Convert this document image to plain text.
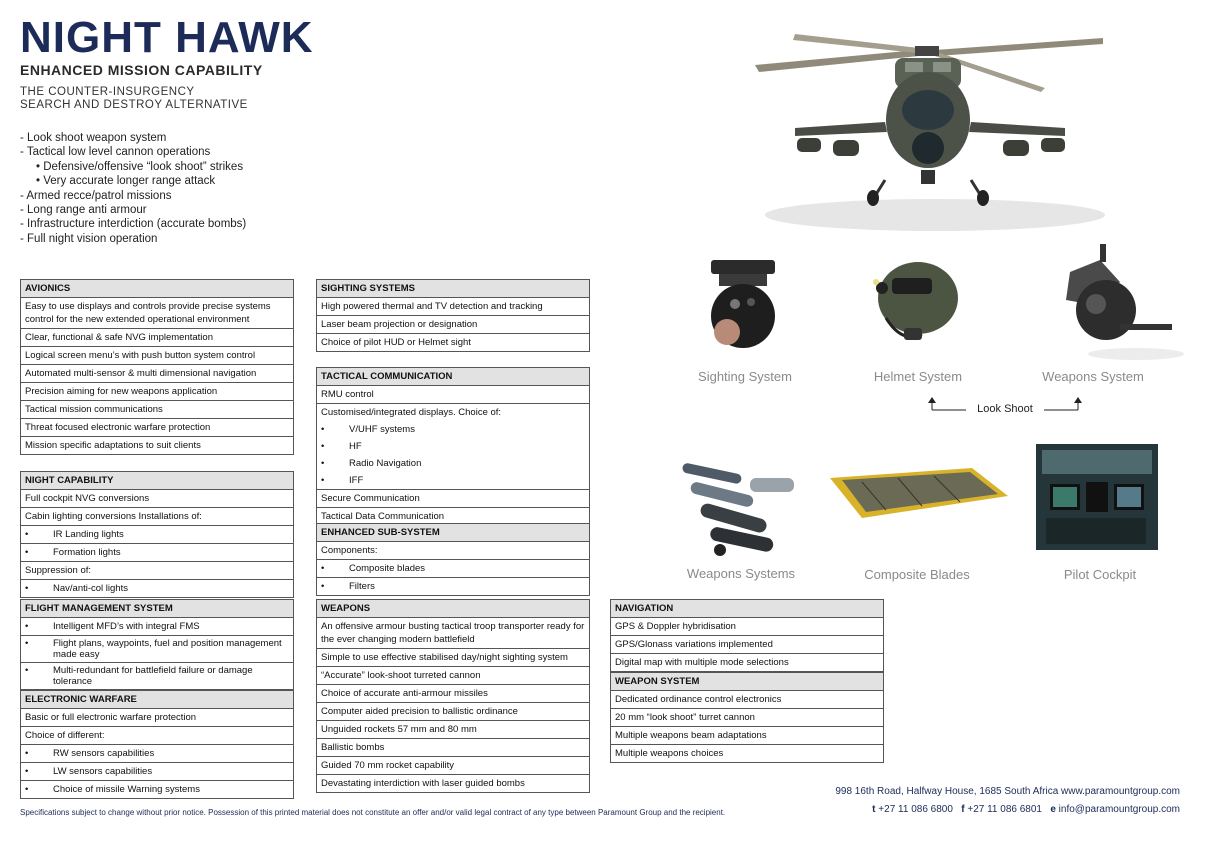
NIGHT HAWK
ENHANCED MISSION CAPABILITY
THE COUNTER-INSURGENCY
SEARCH AND DESTROY ALTERNATIVE
- Look shoot weapon system
- Tactical low level cannon operations
• Defensive/offensive “look shoot” strikes
• Very accurate longer range attack
- Armed recce/patrol missions
- Long range anti armour
- Infrastructure interdiction (accurate bombs)
- Full night vision operation
Sighting System	Helmet System	Weapons System
Look Shoot
Weapons Systems	Composite Blades	Pilot Cockpit
AVIONICS
Easy to use displays and controls provide precise systems control for the new extended operational environment
Clear, functional & safe NVG implementation
Logical screen menu’s with push button system control
Automated multi-sensor & multi dimensional navigation
Precision aiming for new weapons application
Tactical mission communications
Threat focused electronic warfare protection
Mission specific adaptations to suit clients
NIGHT CAPABILITY
Full cockpit NVG conversions
Cabin lighting conversions Installations of:
•	IR Landing lights
•	Formation lights
Suppression of:
•	Nav/anti-col lights
FLIGHT MANAGEMENT SYSTEM
•	Intelligent MFD’s with integral FMS
•	Flight plans, waypoints, fuel and position management made easy
•	Multi-redundant for battlefield failure or damage tolerance
ELECTRONIC WARFARE
Basic or full electronic warfare protection
Choice of different:
•	RW sensors capabilities
•	LW sensors capabilities
•	Choice of missile Warning systems
SIGHTING SYSTEMS
High powered thermal and TV detection and tracking
Laser beam projection or designation
Choice of pilot HUD or Helmet sight
TACTICAL COMMUNICATION
RMU control
Customised/integrated displays. Choice of:
•	V/UHF systems
•	HF
•	Radio Navigation
•	IFF
Secure Communication
Tactical Data Communication
ENHANCED SUB-SYSTEM
Components:
•	Composite blades
•	Filters
WEAPONS
An offensive armour busting tactical troop transporter ready for the ever changing modern battlefield
Simple to use effective stabilised day/night sighting system
“Accurate” look-shoot turreted cannon
Choice of accurate anti-armour missiles
Computer aided precision to ballistic ordinance
Unguided rockets 57 mm and 80 mm
Ballistic bombs
Guided 70 mm rocket capability
Devastating interdiction with laser guided bombs
NAVIGATION
GPS & Doppler hybridisation
GPS/Glonass variations implemented
Digital map with multiple mode selections
WEAPON SYSTEM
Dedicated ordinance control electronics
20 mm “look shoot” turret cannon
Multiple weapons beam adaptations
Multiple weapons choices
Specifications subject to change without prior notice. Possession of this printed material does not constitute an offer and/or valid legal contract of any type between Paramount Group and the recipient.
998 16th Road, Halfway House, 1685 South Africa www.paramountgroup.com
t +27 11 086 6800 f +27 11 086 6801 e info@paramountgroup.com
